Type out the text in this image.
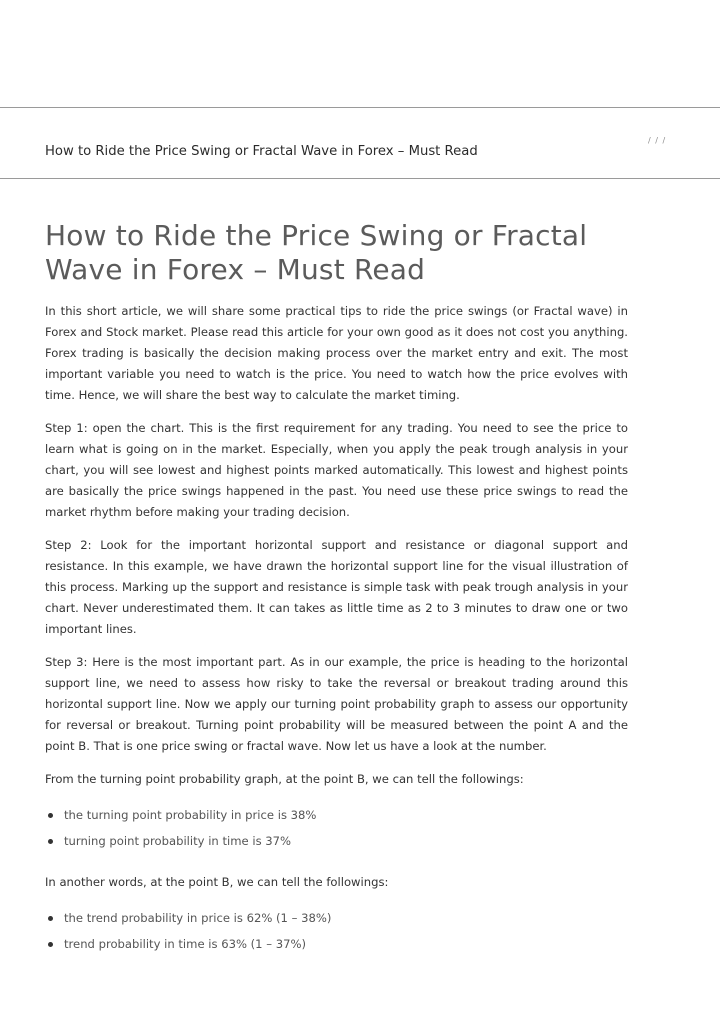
How to Ride the Price Swing or Fractal Wave in Forex – Must Read
/ / /
How to Ride the Price Swing or Fractal Wave in Forex – Must Read

In this short article, we will share some practical tips to ride the price swings (or Fractal wave) in Forex and Stock market. Please read this article for your own good as it does not cost you anything. Forex trading is basically the decision making process over the market entry and exit. The most important variable you need to watch is the price. You need to watch how the price evolves with time. Hence, we will share the best way to calculate the market timing.

Step 1: open the chart. This is the first requirement for any trading. You need to see the price to learn what is going on in the market. Especially, when you apply the peak trough analysis in your chart, you will see lowest and highest points marked automatically. This lowest and highest points are basically the price swings happened in the past. You need use these price swings to read the market rhythm before making your trading decision.

Step 2: Look for the important horizontal support and resistance or diagonal support and resistance. In this example, we have drawn the horizontal support line for the visual illustration of this process. Marking up the support and resistance is simple task with peak trough analysis in your chart. Never underestimated them. It can takes as little time as 2 to 3 minutes to draw one or two important lines.

Step 3: Here is the most important part. As in our example, the price is heading to the horizontal support line, we need to assess how risky to take the reversal or breakout trading around this horizontal support line. Now we apply our turning point probability graph to assess our opportunity for reversal or breakout. Turning point probability will be measured between the point A and the point B. That is one price swing or fractal wave. Now let us have a look at the number.

From the turning point probability graph, at the point B, we can tell the followings:

the turning point probability in price is 38%
turning point probability in time is 37%

In another words, at the point B, we can tell the followings:

the trend probability in price is 62% (1 – 38%)
trend probability in time is 63% (1 – 37%)
